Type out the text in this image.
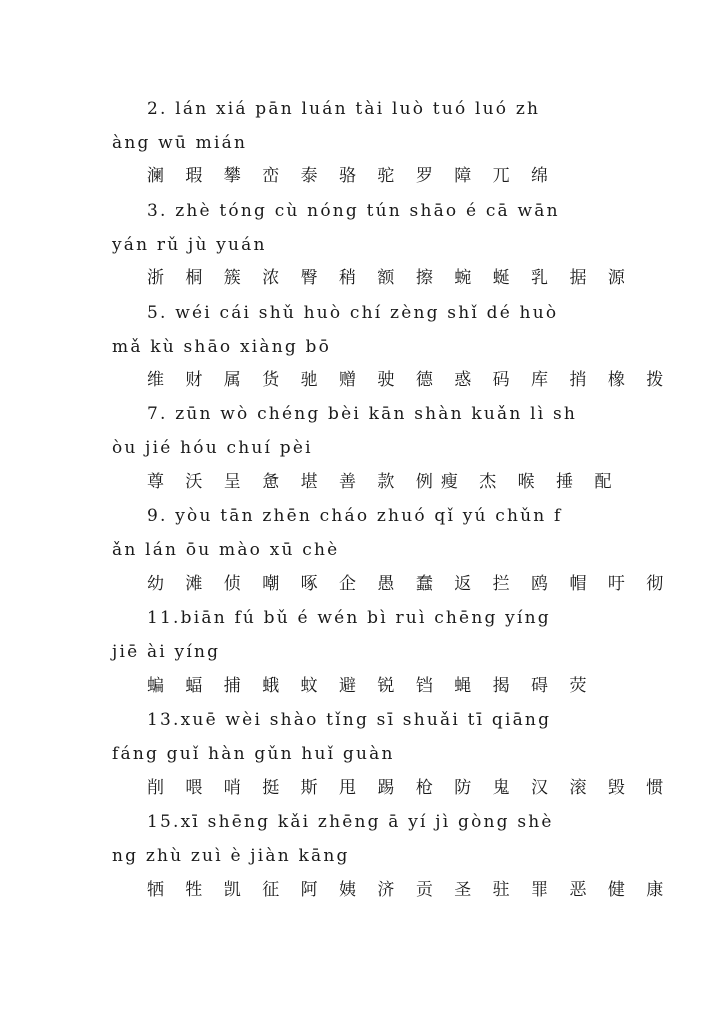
2. lán xiá pān luán tài luò tuó luó zh
àng wū mián
澜 瑕 攀 峦 泰 骆 驼 罗 障 兀 绵
3. zhè tóng cù nóng tún shāo é cā wān
yán rǔ jù yuán
浙 桐 簇 浓 臀 稍 额 擦 蜿 蜒 乳 据 源
5. wéi cái shǔ huò chí zèng shǐ dé huò
mǎ kù shāo xiàng bō
维 财 属 货 驰 赠 驶 德 惑 码 库 捎 橡 拨
7. zūn wò chéng bèi kān shàn kuǎn lì sh
òu jié hóu chuí pèi
尊 沃 呈 惫 堪 善 款 例瘦 杰 喉 捶 配
9. yòu tān zhēn cháo zhuó qǐ yú chǔn f
ǎn lán ōu mào xū chè
幼 滩 侦 嘲 啄 企 愚 蠢 返 拦 鸥 帽 吁 彻
11.biān fú bǔ é wén bì ruì chēng yíng
jiē ài yíng
蝙 蝠 捕 蛾 蚊 避 锐 铛 蝇 揭 碍 荧
13.xuē wèi shào tǐng sī shuǎi tī qiāng
fáng guǐ hàn gǔn huǐ guàn
削 喂 哨 挺 斯 甩 踢 枪 防 鬼 汉 滚 毁 惯
15.xī shēng kǎi zhēng ā yí jì gòng shè
ng zhù zuì è jiàn kāng
牺 牲 凯 征 阿 姨 济 贡 圣 驻 罪 恶 健 康
